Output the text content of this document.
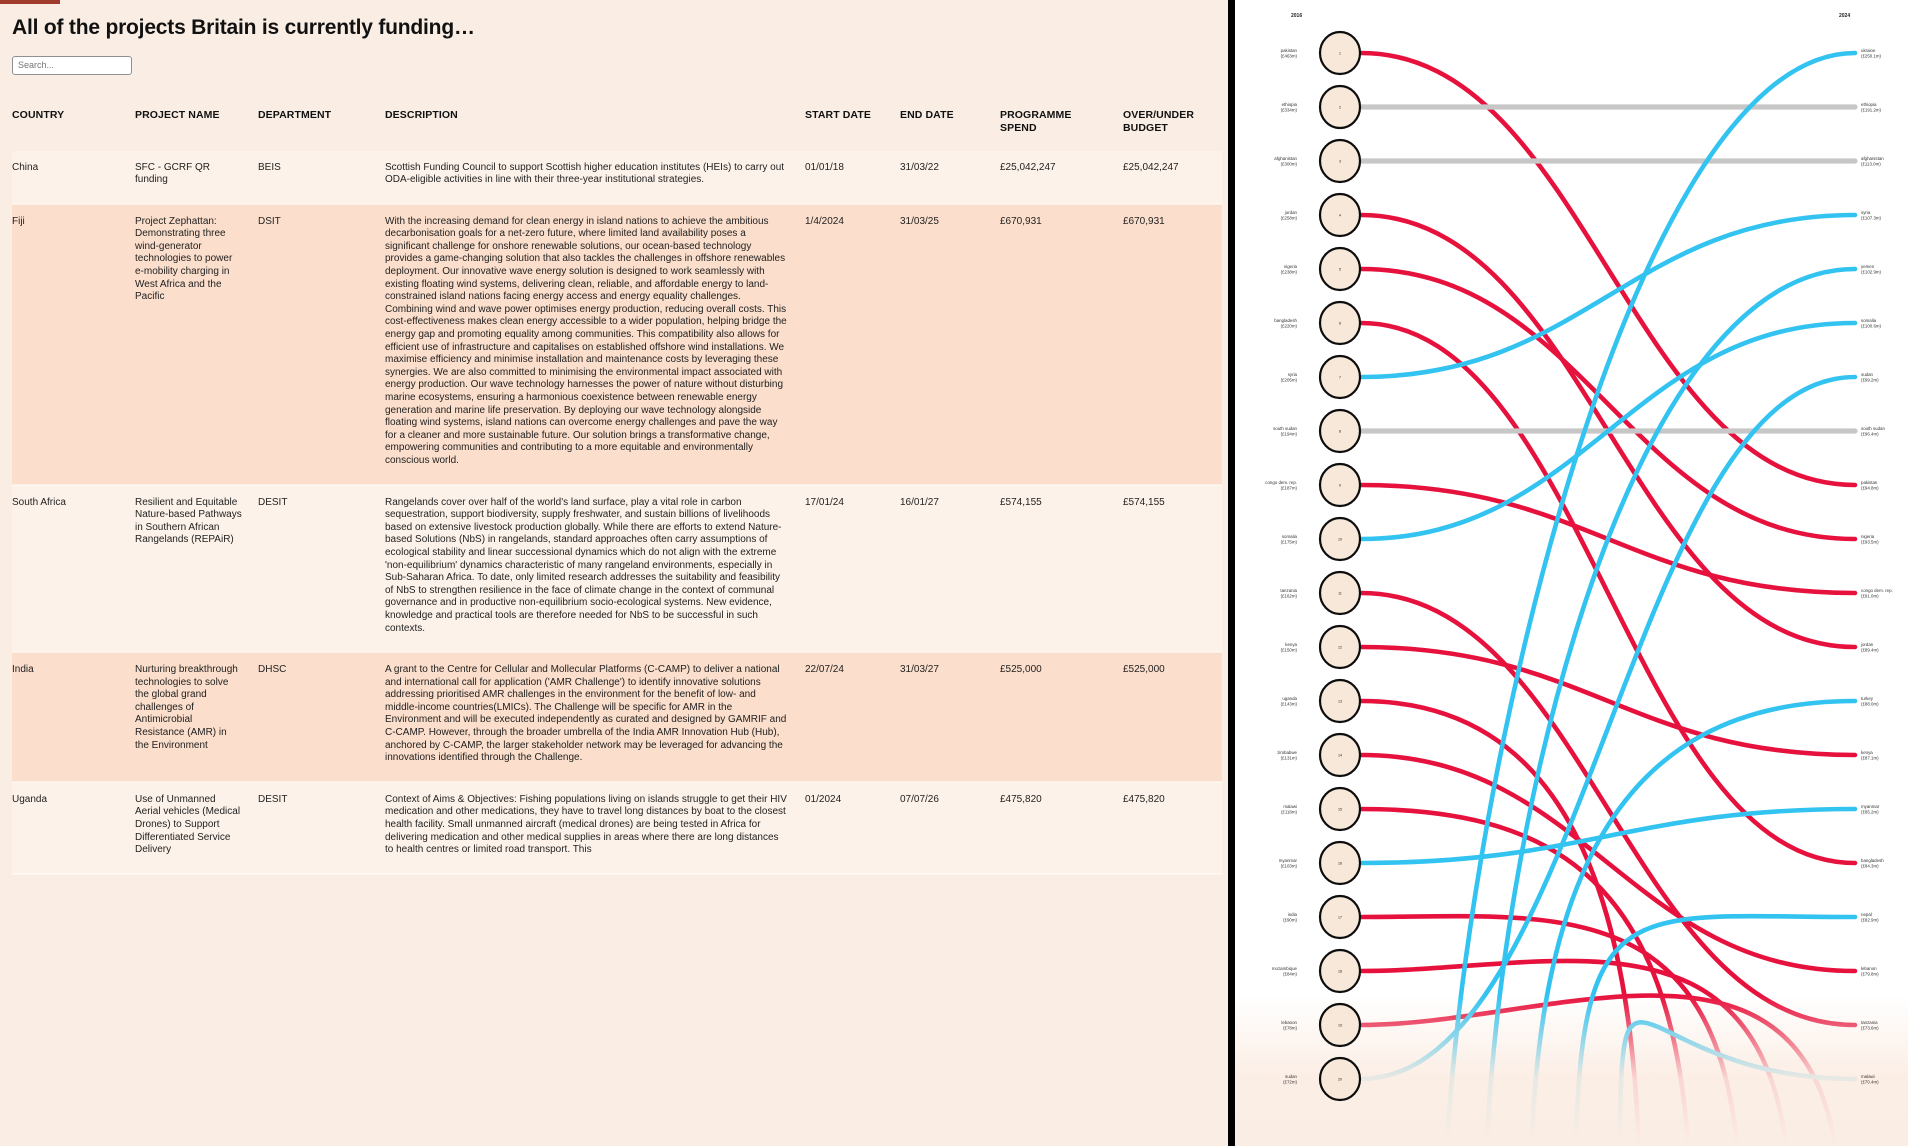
All of the projects Britain is currently funding…
Search...
COUNTRY	PROJECT NAME	DEPARTMENT	DESCRIPTION	START DATE	END DATE	PROGRAMME SPEND	OVER/UNDER BUDGET
China	SFC - GCRF QR funding	BEIS	Scottish Funding Council to support Scottish higher education institutes (HEIs) to carry out ODA-eligible activities in line with their three-year institutional strategies.	01/01/18	31/03/22	£25,042,247	£25,042,247
Fiji	Project Zephattan: Demonstrating three wind-generator technologies to power e-mobility charging in West Africa and the Pacific	DSIT	With the increasing demand for clean energy in island nations to achieve the ambitious decarbonisation goals for a net-zero future, where limited land availability poses a significant challenge for onshore renewable solutions, our ocean-based technology provides a game-changing solution that also tackles the challenges in offshore renewables deployment. Our innovative wave energy solution is designed to work seamlessly with existing floating wind systems, delivering clean, reliable, and affordable energy to land-constrained island nations facing energy access and energy equality challenges. Combining wind and wave power optimises energy production, reducing overall costs. This cost-effectiveness makes clean energy accessible to a wider population, helping bridge the energy gap and promoting equality among communities. This compatibility also allows for efficient use of infrastructure and capitalises on established offshore wind installations. We maximise efficiency and minimise installation and maintenance costs by leveraging these synergies. We are also committed to minimising the environmental impact associated with energy production. Our wave technology harnesses the power of nature without disturbing marine ecosystems, ensuring a harmonious coexistence between renewable energy generation and marine life preservation. By deploying our wave technology alongside floating wind systems, island nations can overcome energy challenges and pave the way for a cleaner and more sustainable future. Our solution brings a transformative change, empowering communities and contributing to a more equitable and environmentally conscious world.	1/4/2024	31/03/25	£670,931	£670,931
South Africa	Resilient and Equitable Nature-based Pathways in Southern African Rangelands (REPAiR)	DESIT	Rangelands cover over half of the world's land surface, play a vital role in carbon sequestration, support biodiversity, supply freshwater, and sustain billions of livelihoods based on extensive livestock production globally. While there are efforts to extend Nature-based Solutions (NbS) in rangelands, standard approaches often carry assumptions of ecological stability and linear successional dynamics which do not align with the extreme 'non-equilibrium' dynamics characteristic of many rangeland environments, especially in Sub-Saharan Africa. To date, only limited research addresses the suitability and feasibility of NbS to strengthen resilience in the face of climate change in the context of communal governance and in productive non-equilibrium socio-ecological systems. New evidence, knowledge and practical tools are therefore needed for NbS to be successful in such contexts.	17/01/24	16/01/27	£574,155	£574,155
India	Nurturing breakthrough technologies to solve the global grand challenges of Antimicrobial Resistance (AMR) in the Environment	DHSC	A grant to the Centre for Cellular and Mollecular Platforms (C-CAMP) to deliver a national and international call for application ('AMR Challenge') to identify innovative solutions addressing prioritised AMR challenges in the environment for the benefit of low- and middle-income countries(LMICs). The Challenge will be specific for AMR in the Environment and will be executed independently as curated and designed by GAMRIF and C-CAMP. However, through the broader umbrella of the India AMR Innovation Hub (Hub), anchored by C-CAMP, the larger stakeholder network may be leveraged for advancing the innovations identified through the Challenge.	22/07/24	31/03/27	£525,000	£525,000
Uganda	Use of Unmanned Aerial vehicles (Medical Drones) to Support Differentiated Service Delivery	DESIT	Context of Aims & Objectives: Fishing populations living on islands struggle to get their HIV medication and other medications, they have to travel long distances by boat to the closest health facility. Small unmanned aircraft (medical drones) are being tested in Africa for delivering medication and other medical supplies in areas where there are long distances to health centres or limited road transport. This	01/2024	07/07/26	£475,820	£475,820
1
pakistan (£463m)
2
ethiopia (£334m)
3
afghanistan (£300m)
4
jordan (£258m)
5
nigeria (£238m)
6
bangladesh (£220m)
7
syria (£205m)
8
south sudan (£194m)
9
congo dem. rep. (£187m)
10
somalia (£175m)
11
tanzania (£162m)
12
kenya (£150m)
13
uganda (£143m)
14
zimbabwe (£131m)
15
malawi (£118m)
16
myanmar (£103m)
17
india (£90m)
18
mozambique (£84m)
19
lebanon (£78m)
20
sudan (£72m)
ukraine (£250.1m)
ethiopia (£191.2m)
afghanistan (£113.0m)
syria (£107.3m)
yemen (£102.9m)
somalia (£100.6m)
sudan (£99.2m)
south sudan (£96.4m)
pakistan (£94.8m)
nigeria (£93.5m)
congo dem. rep. (£91.0m)
jordan (£89.4m)
turkey (£88.0m)
kenya (£87.1m)
myanmar (£85.2m)
bangladesh (£84.3m)
nepal (£82.9m)
lebanon (£79.8m)
tanzania (£73.6m)
malawi (£70.4m)
2016	2024
